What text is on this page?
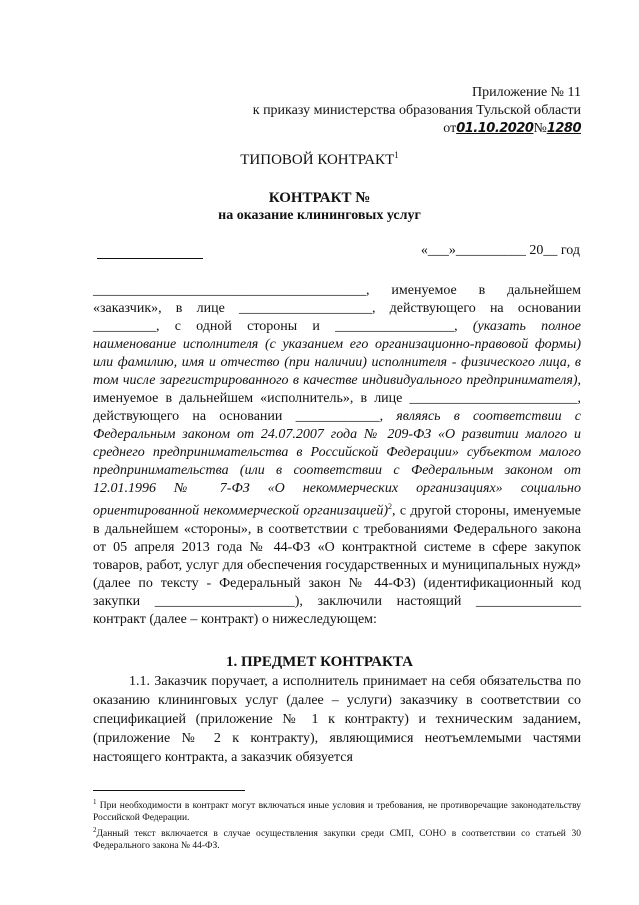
Приложение № 11
к приказу министерства образования Тульской области
от01.10.2020№1280
ТИПОВОЙ КОНТРАКТ$^1$
КОНТРАКТ №
на оказание клининговых услуг
«___»__________ 20__ год

_______________________________________, именуемое в дальнейшем «заказчик», в лице ___________________, действующего на основании _________, с одной стороны и _________________, (указать полное наименование исполнителя (с указанием его организационно-правовой формы) или фамилию, имя и отчество (при наличии) исполнителя - физического лица, в том числе зарегистрированного в качестве индивидуального предпринимателя), именуемое в дальнейшем «исполнитель», в лице ________________________, действующего на основании ____________, являясь в соответствии с Федеральным законом от 24.07.2007 года № 209-ФЗ «О развитии малого и среднего предпринимательства в Российской Федерации» субъектом малого предпринимательства (или в соответствии с Федеральным законом от 12.01.1996 № 7-ФЗ «О некоммерческих организациях» социально ориентированной некоммерческой организацией)$^2$, с другой стороны, именуемые в дальнейшем «стороны», в соответствии с требованиями Федерального закона от 05 апреля 2013 года № 44-ФЗ «О контрактной системе в сфере закупок товаров, работ, услуг для обеспечения государственных и муниципальных нужд» (далее по тексту - Федеральный закон № 44-ФЗ) (идентификационный код закупки ____________________), заключили настоящий _______________ контракт (далее – контракт) о нижеследующем:

1. ПРЕДМЕТ КОНТРАКТА

1.1. Заказчик поручает, а исполнитель принимает на себя обязательства по оказанию клининговых услуг (далее – услуги) заказчику в соответствии со спецификацией (приложение № 1 к контракту) и техническим заданием, (приложение № 2 к контракту), являющимися неотъемлемыми частями настоящего контракта, а заказчик обязуется

$^1$ При необходимости в контракт могут включаться иные условия и требования, не противоречащие законодательству Российской Федерации.

$^2$Данный текст включается в случае осуществления закупки среди СМП, СОНО в соответствии со статьей 30 Федерального закона № 44-ФЗ.
